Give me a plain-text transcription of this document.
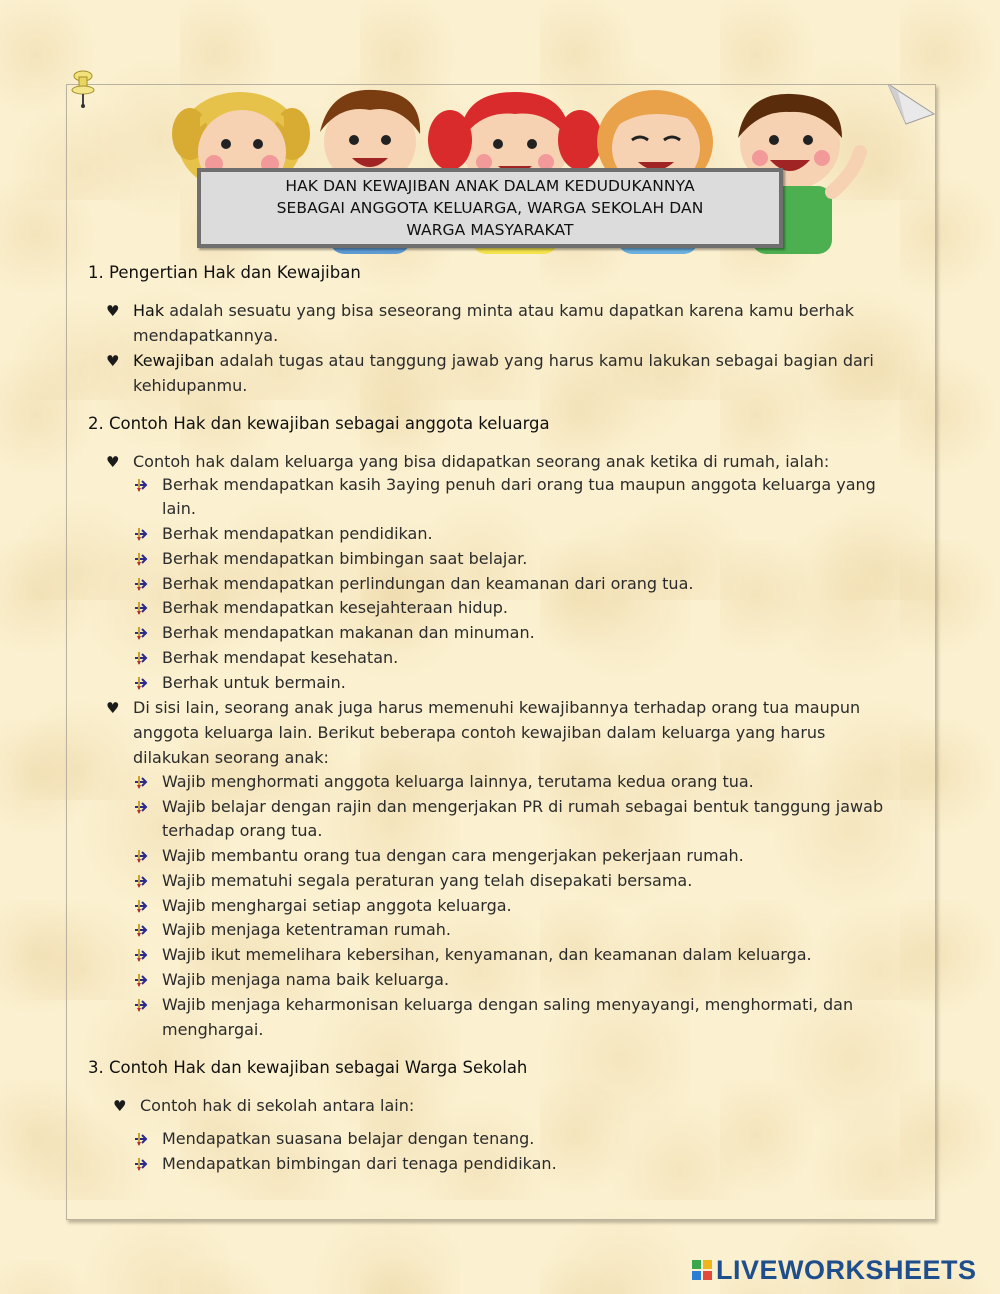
HAK DAN KEWAJIBAN ANAK DALAM KEDUDUKANNYA
SEBAGAI ANGGOTA KELUARGA, WARGA SEKOLAH DAN
WARGA MASYARAKAT
1. Pengertian Hak dan Kewajiban
♥ Hak adalah sesuatu yang bisa seseorang minta atau kamu dapatkan karena kamu berhak
mendapatkannya.
♥ Kewajiban adalah tugas atau tanggung jawab yang harus kamu lakukan sebagai bagian dari
kehidupanmu.
2. Contoh Hak dan kewajiban sebagai anggota keluarga
♥ Contoh hak dalam keluarga yang bisa didapatkan seorang anak ketika di rumah, ialah:
Berhak mendapatkan kasih 3aying penuh dari orang tua maupun anggota keluarga yang
lain.
Berhak mendapatkan pendidikan.
Berhak mendapatkan bimbingan saat belajar.
Berhak mendapatkan perlindungan dan keamanan dari orang tua.
Berhak mendapatkan kesejahteraan hidup.
Berhak mendapatkan makanan dan minuman.
Berhak mendapat kesehatan.
Berhak untuk bermain.
♥ Di sisi lain, seorang anak juga harus memenuhi kewajibannya terhadap orang tua maupun
anggota keluarga lain. Berikut beberapa contoh kewajiban dalam keluarga yang harus
dilakukan seorang anak:
Wajib menghormati anggota keluarga lainnya, terutama kedua orang tua.
Wajib belajar dengan rajin dan mengerjakan PR di rumah sebagai bentuk tanggung jawab
terhadap orang tua.
Wajib membantu orang tua dengan cara mengerjakan pekerjaan rumah.
Wajib mematuhi segala peraturan yang telah disepakati bersama.
Wajib menghargai setiap anggota keluarga.
Wajib menjaga ketentraman rumah.
Wajib ikut memelihara kebersihan, kenyamanan, dan keamanan dalam keluarga.
Wajib menjaga nama baik keluarga.
Wajib menjaga keharmonisan keluarga dengan saling menyayangi, menghormati, dan
menghargai.
3. Contoh Hak dan kewajiban sebagai Warga Sekolah
♥ Contoh hak di sekolah antara lain:
Mendapatkan suasana belajar dengan tenang.
Mendapatkan bimbingan dari tenaga pendidikan.
LIVEWORKSHEETS
